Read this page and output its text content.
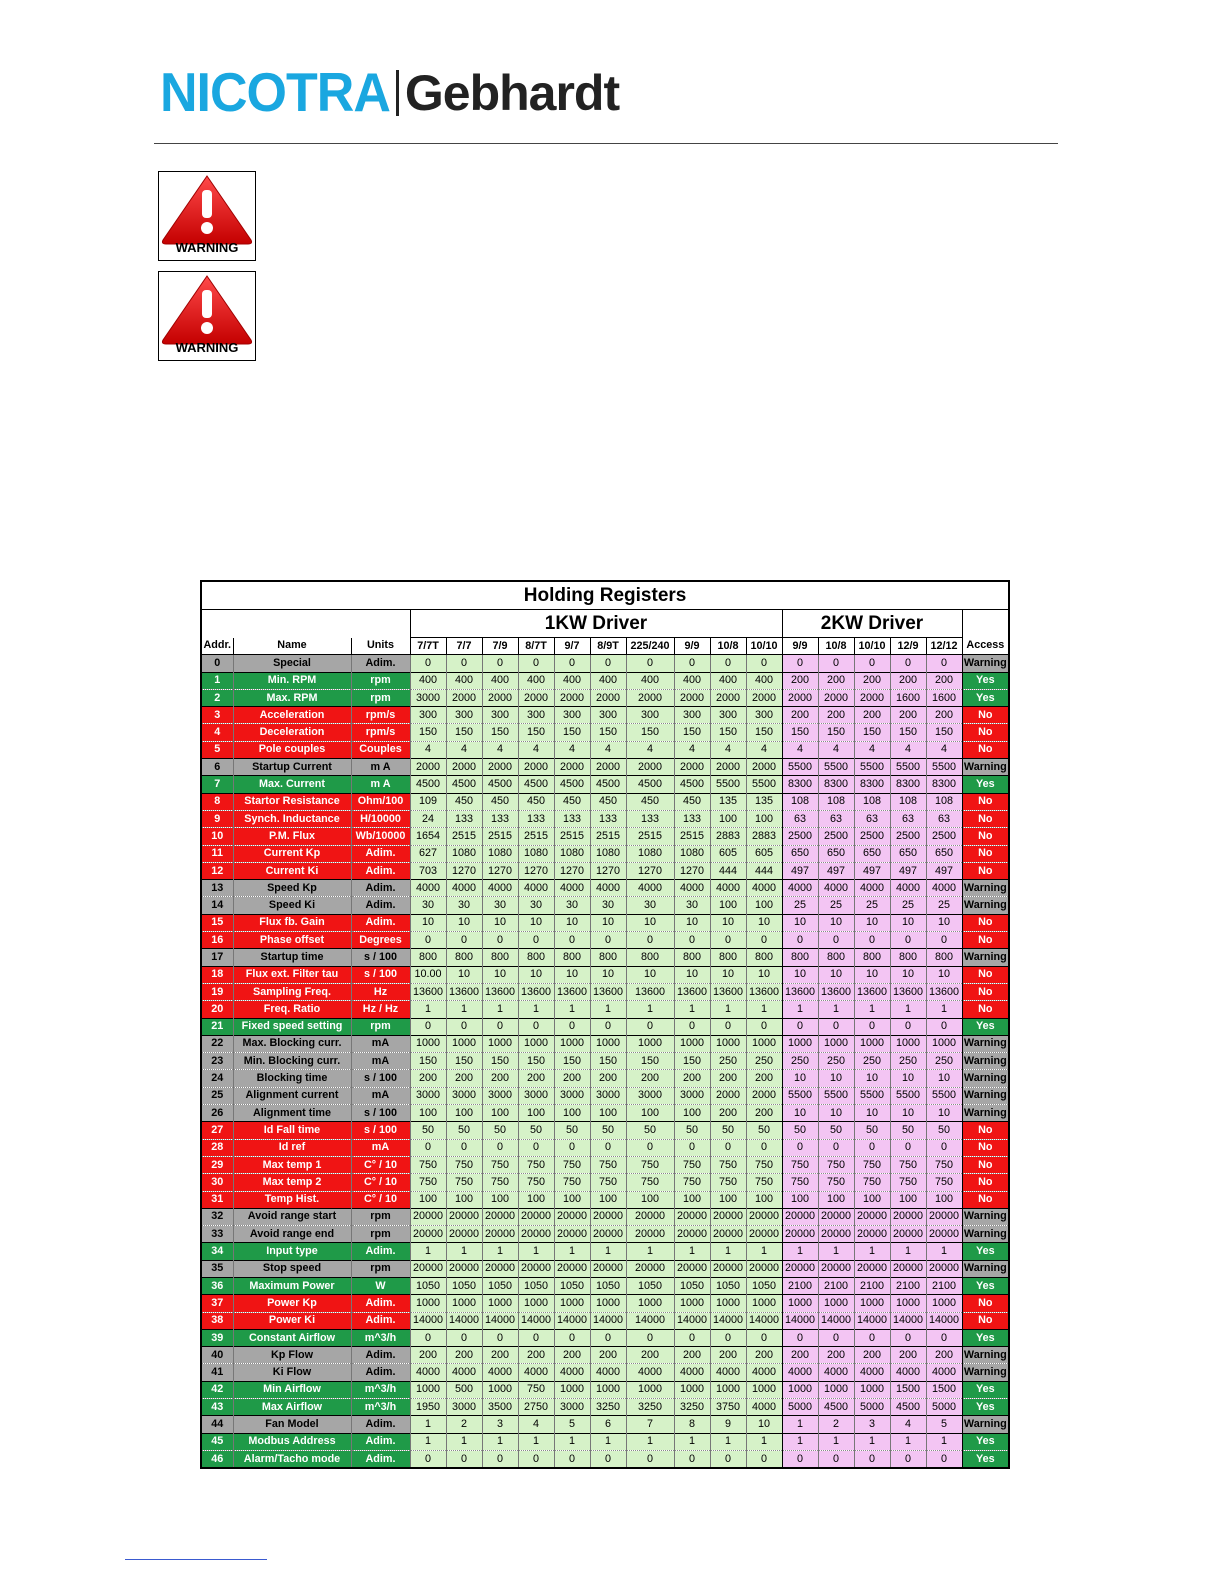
NICOTRA Gebhardt
WARNING
WARNING
Holding Registers																		
			1KW Driver										2KW Driver					
Addr.	Name	Units	7/7T	7/7	7/9	8/7T	9/7	8/9T	225/240	9/9	10/8	10/10	9/9	10/8	10/10	12/9	12/12	Access
0	Special	Adim.	0	0	0	0	0	0	0	0	0	0	0	0	0	0	0	Warning
1	Min. RPM	rpm	400	400	400	400	400	400	400	400	400	400	200	200	200	200	200	Yes
2	Max. RPM	rpm	3000	2000	2000	2000	2000	2000	2000	2000	2000	2000	2000	2000	2000	1600	1600	Yes
3	Acceleration	rpm/s	300	300	300	300	300	300	300	300	300	300	200	200	200	200	200	No
4	Deceleration	rpm/s	150	150	150	150	150	150	150	150	150	150	150	150	150	150	150	No
5	Pole couples	Couples	4	4	4	4	4	4	4	4	4	4	4	4	4	4	4	No
6	Startup Current	m A	2000	2000	2000	2000	2000	2000	2000	2000	2000	2000	5500	5500	5500	5500	5500	Warning
7	Max. Current	m A	4500	4500	4500	4500	4500	4500	4500	4500	5500	5500	8300	8300	8300	8300	8300	Yes
8	Startor Resistance	Ohm/100	109	450	450	450	450	450	450	450	135	135	108	108	108	108	108	No
9	Synch. Inductance	H/10000	24	133	133	133	133	133	133	133	100	100	63	63	63	63	63	No
10	P.M. Flux	Wb/10000	1654	2515	2515	2515	2515	2515	2515	2515	2883	2883	2500	2500	2500	2500	2500	No
11	Current Kp	Adim.	627	1080	1080	1080	1080	1080	1080	1080	605	605	650	650	650	650	650	No
12	Current Ki	Adim.	703	1270	1270	1270	1270	1270	1270	1270	444	444	497	497	497	497	497	No
13	Speed Kp	Adim.	4000	4000	4000	4000	4000	4000	4000	4000	4000	4000	4000	4000	4000	4000	4000	Warning
14	Speed Ki	Adim.	30	30	30	30	30	30	30	30	100	100	25	25	25	25	25	Warning
15	Flux fb. Gain	Adim.	10	10	10	10	10	10	10	10	10	10	10	10	10	10	10	No
16	Phase offset	Degrees	0	0	0	0	0	0	0	0	0	0	0	0	0	0	0	No
17	Startup time	s / 100	800	800	800	800	800	800	800	800	800	800	800	800	800	800	800	Warning
18	Flux ext. Filter tau	s / 100	10.00	10	10	10	10	10	10	10	10	10	10	10	10	10	10	No
19	Sampling Freq.	Hz	13600	13600	13600	13600	13600	13600	13600	13600	13600	13600	13600	13600	13600	13600	13600	No
20	Freq. Ratio	Hz / Hz	1	1	1	1	1	1	1	1	1	1	1	1	1	1	1	No
21	Fixed speed setting	rpm	0	0	0	0	0	0	0	0	0	0	0	0	0	0	0	Yes
22	Max. Blocking curr.	mA	1000	1000	1000	1000	1000	1000	1000	1000	1000	1000	1000	1000	1000	1000	1000	Warning
23	Min. Blocking curr.	mA	150	150	150	150	150	150	150	150	250	250	250	250	250	250	250	Warning
24	Blocking time	s / 100	200	200	200	200	200	200	200	200	200	200	10	10	10	10	10	Warning
25	Alignment current	mA	3000	3000	3000	3000	3000	3000	3000	3000	2000	2000	5500	5500	5500	5500	5500	Warning
26	Alignment time	s / 100	100	100	100	100	100	100	100	100	200	200	10	10	10	10	10	Warning
27	Id Fall time	s / 100	50	50	50	50	50	50	50	50	50	50	50	50	50	50	50	No
28	Id ref	mA	0	0	0	0	0	0	0	0	0	0	0	0	0	0	0	No
29	Max temp 1	C° / 10	750	750	750	750	750	750	750	750	750	750	750	750	750	750	750	No
30	Max temp 2	C° / 10	750	750	750	750	750	750	750	750	750	750	750	750	750	750	750	No
31	Temp Hist.	C° / 10	100	100	100	100	100	100	100	100	100	100	100	100	100	100	100	No
32	Avoid range start	rpm	20000	20000	20000	20000	20000	20000	20000	20000	20000	20000	20000	20000	20000	20000	20000	Warning
33	Avoid range end	rpm	20000	20000	20000	20000	20000	20000	20000	20000	20000	20000	20000	20000	20000	20000	20000	Warning
34	Input type	Adim.	1	1	1	1	1	1	1	1	1	1	1	1	1	1	1	Yes
35	Stop speed	rpm	20000	20000	20000	20000	20000	20000	20000	20000	20000	20000	20000	20000	20000	20000	20000	Warning
36	Maximum Power	W	1050	1050	1050	1050	1050	1050	1050	1050	1050	1050	2100	2100	2100	2100	2100	Yes
37	Power Kp	Adim.	1000	1000	1000	1000	1000	1000	1000	1000	1000	1000	1000	1000	1000	1000	1000	No
38	Power Ki	Adim.	14000	14000	14000	14000	14000	14000	14000	14000	14000	14000	14000	14000	14000	14000	14000	No
39	Constant Airflow	m^3/h	0	0	0	0	0	0	0	0	0	0	0	0	0	0	0	Yes
40	Kp Flow	Adim.	200	200	200	200	200	200	200	200	200	200	200	200	200	200	200	Warning
41	Ki Flow	Adim.	4000	4000	4000	4000	4000	4000	4000	4000	4000	4000	4000	4000	4000	4000	4000	Warning
42	Min Airflow	m^3/h	1000	500	1000	750	1000	1000	1000	1000	1000	1000	1000	1000	1000	1500	1500	Yes
43	Max Airflow	m^3/h	1950	3000	3500	2750	3000	3250	3250	3250	3750	4000	5000	4500	5000	4500	5000	Yes
44	Fan Model	Adim.	1	2	3	4	5	6	7	8	9	10	1	2	3	4	5	Warning
45	Modbus Address	Adim.	1	1	1	1	1	1	1	1	1	1	1	1	1	1	1	Yes
46	Alarm/Tacho mode	Adim.	0	0	0	0	0	0	0	0	0	0	0	0	0	0	0	Yes
